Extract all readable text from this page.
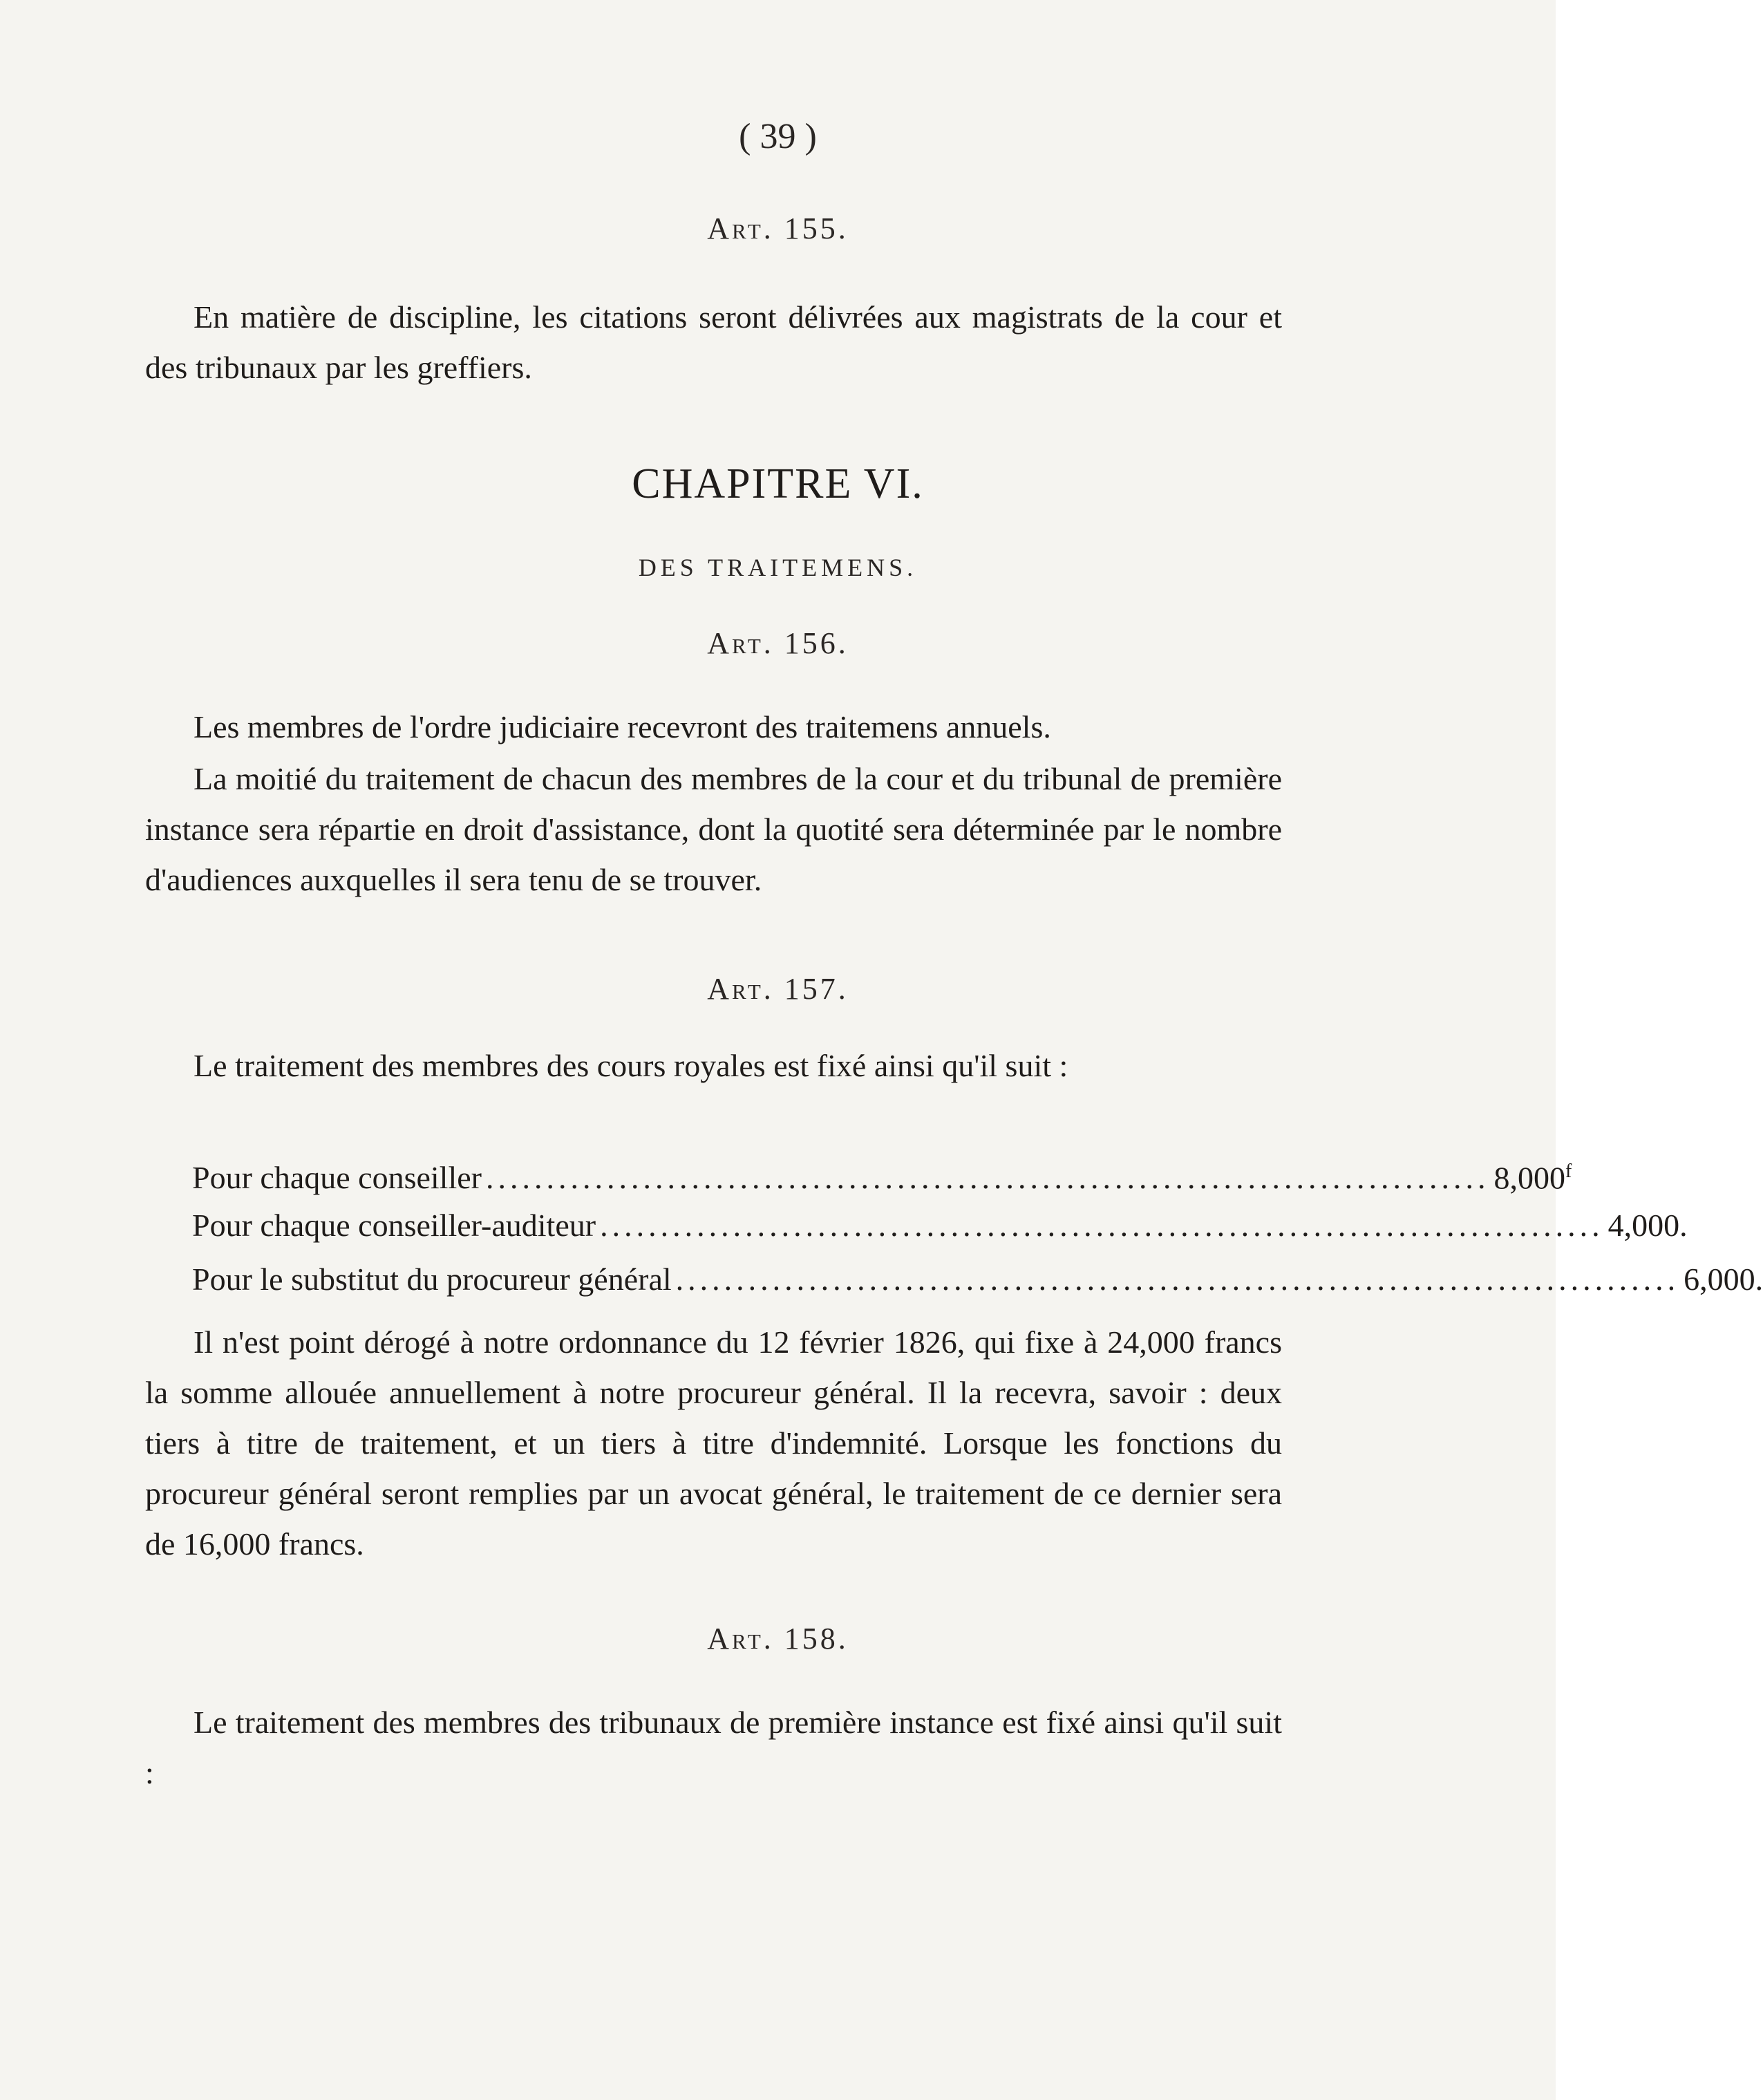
( 39 )
Art. 155.
En matière de discipline, les citations seront délivrées aux magistrats de la cour et des tribunaux par les greffiers.
CHAPITRE VI.
DES TRAITEMENS.
Art. 156.
Les membres de l'ordre judiciaire recevront des traitemens annuels.
La moitié du traitement de chacun des membres de la cour et du tribunal de première instance sera répartie en droit d'assistance, dont la quotité sera déterminée par le nombre d'audiences auxquelles il sera tenu de se trouver.
Art. 157.
Le traitement des membres des cours royales est fixé ainsi qu'il suit :
Pour chaque conseiller ................................................................................... 8,000$^f$
Pour chaque conseiller-auditeur ................................................................................... 4,000.
Pour le substitut du procureur général ................................................................................... 6,000.
Il n'est point dérogé à notre ordonnance du 12 février 1826, qui fixe à 24,000 francs la somme allouée annuellement à notre procureur général. Il la recevra, savoir : deux tiers à titre de traitement, et un tiers à titre d'indemnité. Lorsque les fonctions du procureur général seront remplies par un avocat général, le traitement de ce dernier sera de 16,000 francs.
Art. 158.
Le traitement des membres des tribunaux de première instance est fixé ainsi qu'il suit :
